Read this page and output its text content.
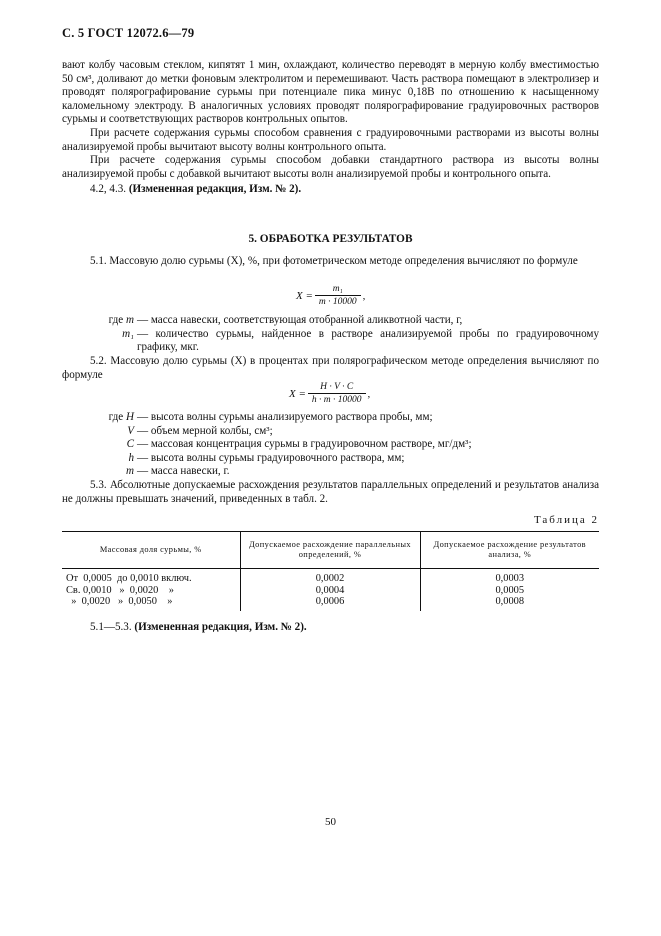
С. 5 ГОСТ 12072.6—79

вают колбу часовым стеклом, кипятят 1 мин, охлаждают, количество переводят в мерную колбу вместимостью 50 см³, доливают до метки фоновым электролитом и перемешивают. Часть раствора помещают в электролизер и проводят полярографирование сурьмы при потенциале пика минус 0,18В по отношению к насыщенному каломельному электроду. В аналогичных условиях проводят полярографирование градуировочных растворов сурьмы и соответствующих растворов контрольных опытов.

При расчете содержания сурьмы способом сравнения с градуировочными растворами из высоты волны анализируемой пробы вычитают высоту волны контрольного опыта.

При расчете содержания сурьмы способом добавки стандартного раствора из высоты волны анализируемой пробы с добавкой вычитают высоты волн анализируемой пробы и контрольного опыта.

4.2, 4.3. (Измененная редакция, Изм. № 2).

5. ОБРАБОТКА РЕЗУЛЬТАТОВ

5.1. Массовую долю сурьмы (X), %, при фотометрическом методе определения вычисляют по формуле

$X = \frac{\text{m₁}}{m \cdot 10000}$ ,
где m — масса навески, соответствующая отобранной аликвотной части, г,
m₁ — количество сурьмы, найденное в растворе анализируемой пробы по градуировочному графику, мкг.

5.2. Массовую долю сурьмы (X) в процентах при полярографическом методе определения вычисляют по формуле

$X = \frac{H \cdot V \cdot C}{h \cdot m \cdot 10000}$ ,
где H — высота волны сурьмы анализируемого раствора пробы, мм;
V — объем мерной колбы, см³;
C — массовая концентрация сурьмы в градуировочном растворе, мг/дм³;
h — высота волны сурьмы градуировочного раствора, мм;
m — масса навески, г.

5.3. Абсолютные допускаемые расхождения результатов параллельных определений и результатов анализа не должны превышать значений, приведенных в табл. 2.

Таблица 2
Массовая доля сурьмы, %	Допускаемое расхождение параллельных определений, %	Допускаемое расхождение результатов анализа, %
От  0,0005  до 0,0010 включ.	0,0002	0,0003
Св. 0,0010   »  0,0020    »	0,0004	0,0005
»  0,0020   »  0,0050    »	0,0006	0,0008
5.1—5.3. (Измененная редакция, Изм. № 2).
50
